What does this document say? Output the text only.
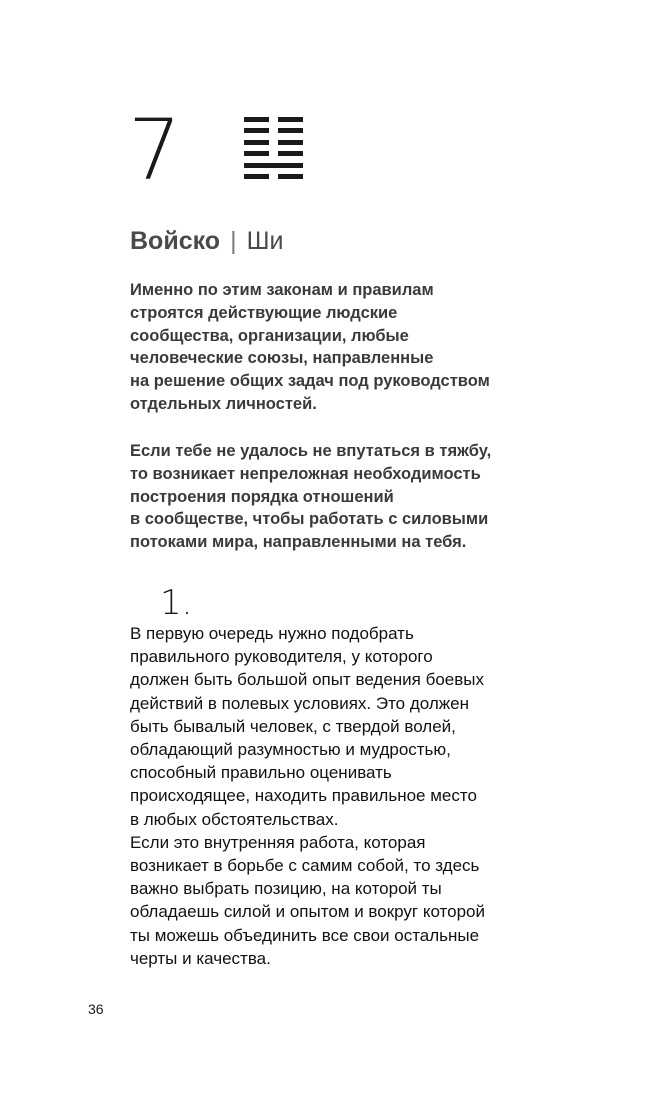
7
Войско | Ши

Именно по этим законам и правилам
строятся действующие людские
сообщества, организации, любые
человеческие союзы, направленные
на решение общих задач под руководством
отдельных личностей.

Если тебе не удалось не впутаться в тяжбу,
то возникает непреложная необходимость
построения порядка отношений
в сообществе, чтобы работать с силовыми
потоками мира, направленными на тебя.

1.

В первую очередь нужно подобрать
правильного руководителя, у которого
должен быть большой опыт ведения боевых
действий в полевых условиях. Это должен
быть бывалый человек, с твердой волей,
обладающий разумностью и мудростью,
способный правильно оценивать
происходящее, находить правильное место
в любых обстоятельствах.
Если это внутренняя работа, которая
возникает в борьбе с самим собой, то здесь
важно выбрать позицию, на которой ты
обладаешь силой и опытом и вокруг которой
ты можешь объединить все свои остальные
черты и качества.

36
